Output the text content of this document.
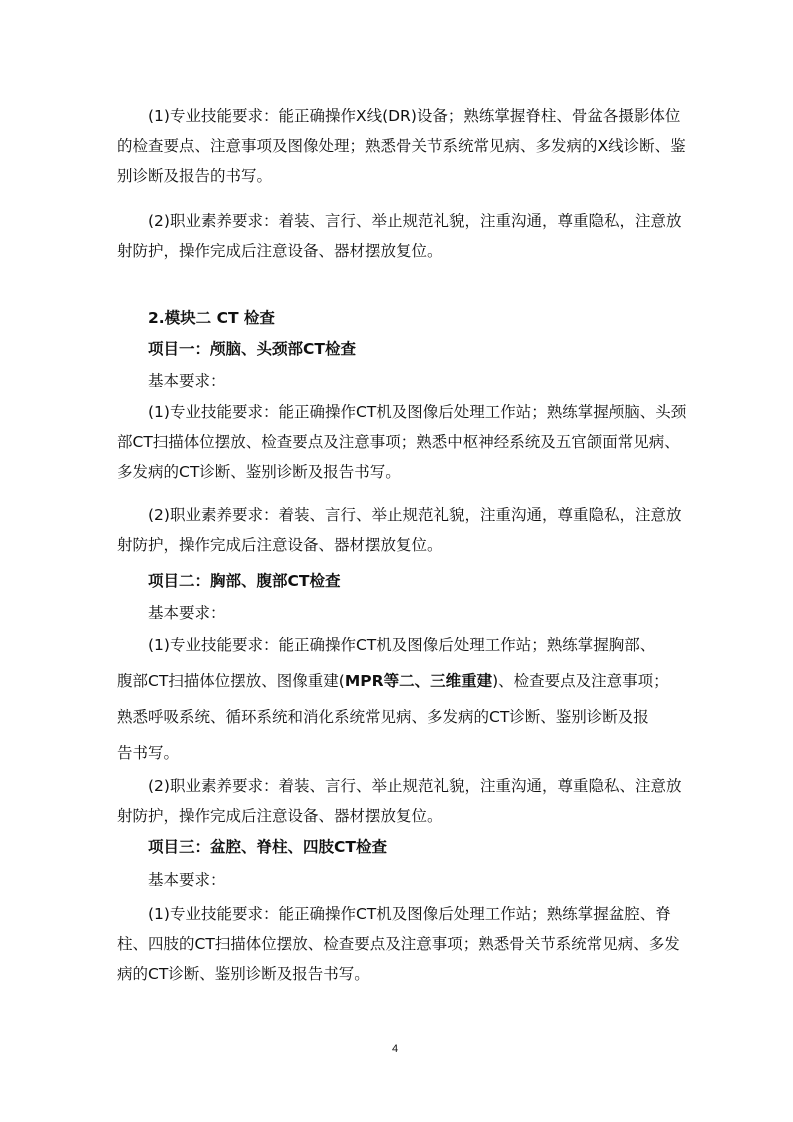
(1)专业技能要求：能正确操作X线(DR)设备；熟练掌握脊柱、骨盆各摄影体位的检查要点、注意事项及图像处理；熟悉骨关节系统常见病、多发病的X线诊断、鉴别诊断及报告的书写。
(2)职业素养要求：着装、言行、举止规范礼貌，注重沟通，尊重隐私，注意放射防护，操作完成后注意设备、器材摆放复位。
2.模块二 CT 检查
项目一：颅脑、头颈部CT检查
基本要求：
(1)专业技能要求：能正确操作CT机及图像后处理工作站；熟练掌握颅脑、头颈部CT扫描体位摆放、检查要点及注意事项；熟悉中枢神经系统及五官颌面常见病、多发病的CT诊断、鉴别诊断及报告书写。
(2)职业素养要求：着装、言行、举止规范礼貌，注重沟通，尊重隐私，注意放射防护，操作完成后注意设备、器材摆放复位。
项目二：胸部、腹部CT检查
基本要求：
(1)专业技能要求：能正确操作CT机及图像后处理工作站；熟练掌握胸部、
腹部CT扫描体位摆放、图像重建(MPR等二、三维重建)、检查要点及注意事项；
熟悉呼吸系统、循环系统和消化系统常见病、多发病的CT诊断、鉴别诊断及报
告书写。
(2)职业素养要求：着装、言行、举止规范礼貌，注重沟通，尊重隐私、注意放射防护，操作完成后注意设备、器材摆放复位。
项目三：盆腔、脊柱、四肢CT检查
基本要求：
(1)专业技能要求：能正确操作CT机及图像后处理工作站；熟练掌握盆腔、脊柱、四肢的CT扫描体位摆放、检查要点及注意事项；熟悉骨关节系统常见病、多发病的CT诊断、鉴别诊断及报告书写。
4
